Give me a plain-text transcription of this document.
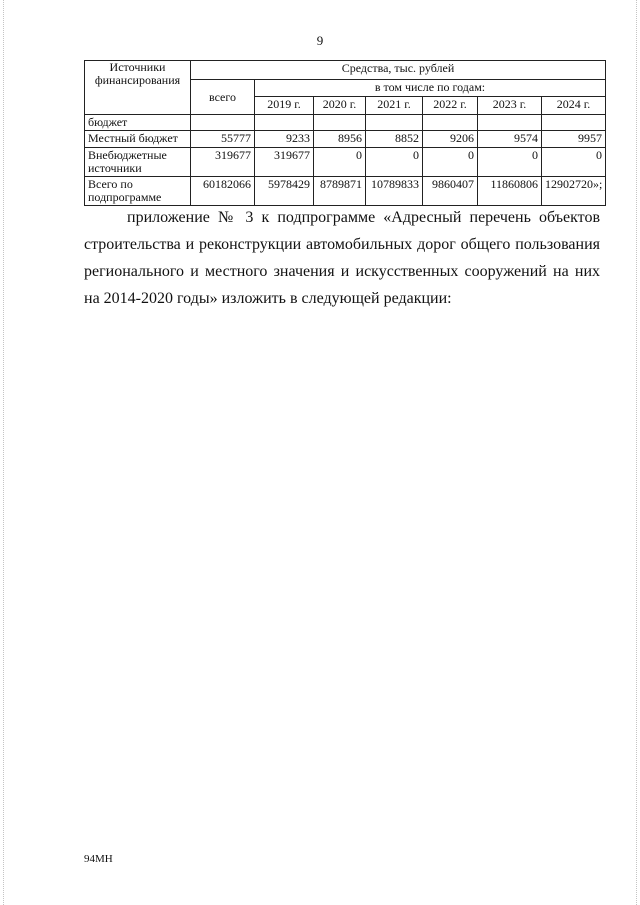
9
Источники финансирования	Средства, тыс. рублей						
	всего	в том числе по годам:					
		2019 г.	2020 г.	2021 г.	2022 г.	2023 г.	2024 г.
бюджет							
Местный бюджет	55777	9233	8956	8852	9206	9574	9957
Внебюджетные источники	319677	319677	0	0	0	0	0
Всего по подпрограмме	60182066	5978429	8789871	10789833	9860407	11860806	12902720»;
приложение № 3 к подпрограмме «Адресный перечень объектов строительства и реконструкции автомобильных дорог общего пользования регионального и местного значения и искусственных сооружений на них на 2014-2020 годы» изложить в следующей редакции:
94МН
